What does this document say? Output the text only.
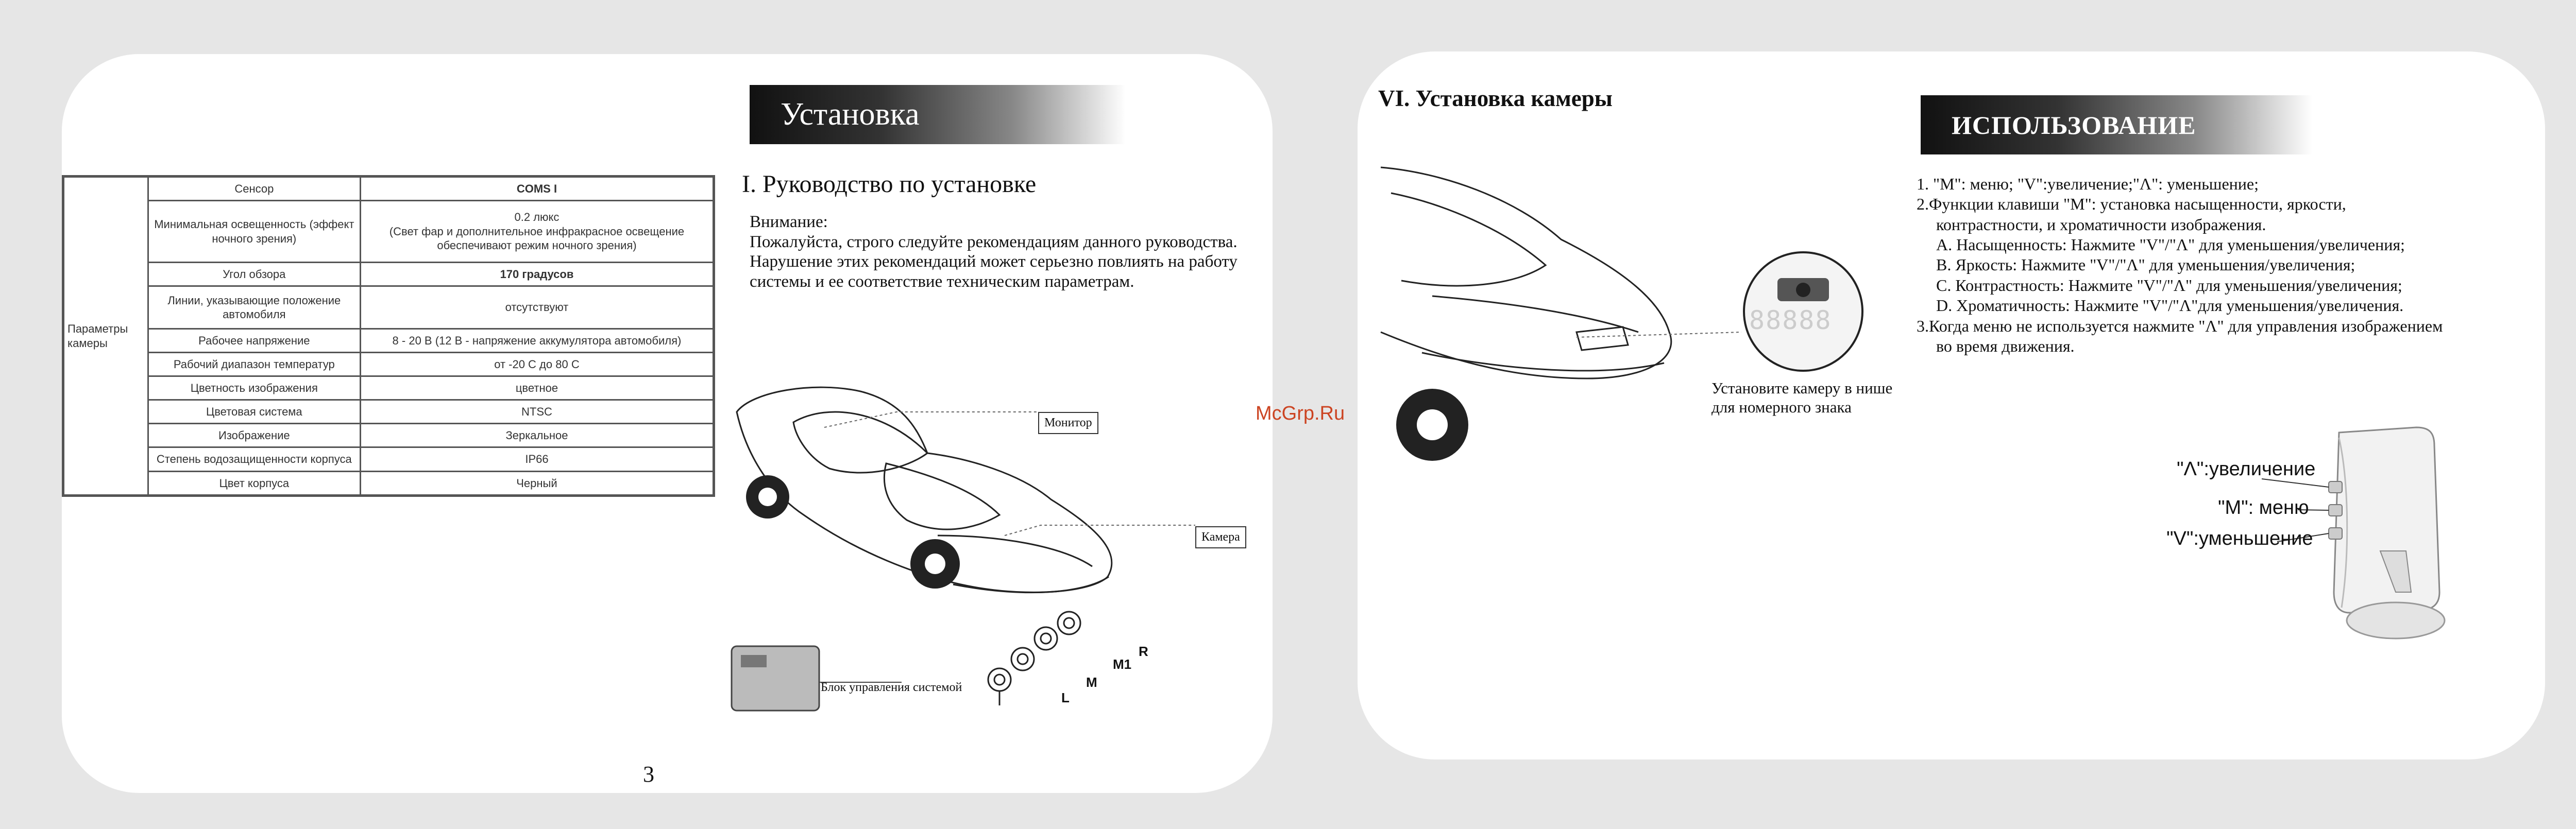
3
Установка
Параметры камеры	Сенсор	COMS I
	Минимальная освещенность (эффект ночного зрения)	0.2 люкс
(Свет фар и дополнительное инфракрасное освещение обеспечивают режим ночного зрения)
	Угол обзора	170 градусов
	Линии, указывающие положение автомобиля	отсутствуют
	Рабочее напряжение	8 - 20 В (12 В - напряжение аккумулятора автомобиля)
	Рабочий диапазон температур	от -20 С до 80 С
	Цветность изображения	цветное
	Цветовая система	NTSC
	Изображение	Зеркальное
	Степень водозащищенности корпуса	IP66
	Цвет корпуса	Черный
I. Руководство по установке
Внимание:
Пожалуйста, строго следуйте рекомендациям данного руководства. Нарушение этих рекомендаций может серьезно повлиять на работу системы и ее соответствие техническим параметрам.
Монитор
Камера
Блок управления системой
L
M
M1
R
McGrp.Ru
VI. Установка камеры
88888
Установите камеру в нише для номерного знака
ИСПОЛЬЗОВАНИЕ

1. "M": меню; "V":увеличение;"Λ": уменьшение;

2.Функции клавиши "M": установка насыщенности, яркости,

контрастности, и хроматичности изображения.

A. Насыщенность: Нажмите "V"/"Λ" для уменьшения/увеличения;

B. Яркость: Нажмите "V"/"Λ" для уменьшения/увеличения;

C. Контрастность: Нажмите "V"/"Λ" для уменьшения/увеличения;

D. Хроматичность: Нажмите "V"/"Λ"для уменьшения/увеличения.

3.Когда меню не используется нажмите "Λ" для управления изображением

во время движения.

"Λ":увеличение
"M": меню
"V":уменьшение
